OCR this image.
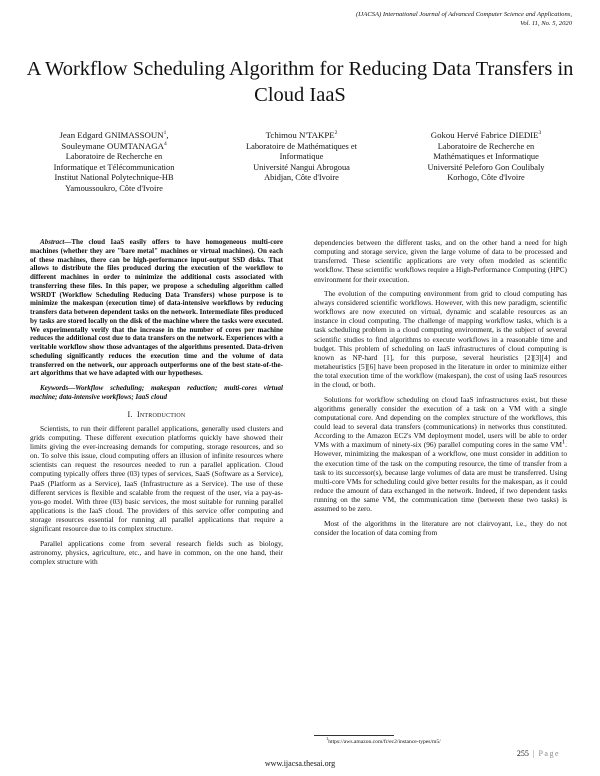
(IJACSA) International Journal of Advanced Computer Science and Applications,
Vol. 11, No. 5, 2020
A Workflow Scheduling Algorithm for Reducing Data Transfers in Cloud IaaS
Jean Edgard GNIMASSOUN$^1$,
Souleymane OUMTANAGA$^4$
Laboratoire de Recherche en
Informatique et Télécommunication
Institut National Polytechnique-HB
Yamoussoukro, Côte d'Ivoire
Tchimou N'TAKPE$^2$
Laboratoire de Mathématiques et
Informatique
Université Nangui Abrogoua
Abidjan, Côte d'Ivoire
Gokou Hervé Fabrice DIEDIE$^3$
Laboratoire de Recherche en
Mathématiques et Informatique
Université Peleforo Gon Coulibaly
Korhogo, Côte d'Ivoire

Abstract—The cloud IaaS easily offers to have homogeneous multi-core machines (whether they are "bare metal" machines or virtual machines). On each of these machines, there can be high-performance input-output SSD disks. That allows to distribute the files produced during the execution of the workflow to different machines in order to minimize the additional costs associated with transferring these files. In this paper, we propose a scheduling algorithm called WSRDT (Workflow Scheduling Reducing Data Transfers) whose purpose is to minimize the makespan (execution time) of data-intensive workflows by reducing transfers data between dependent tasks on the network. Intermediate files produced by tasks are stored locally on the disk of the machine where the tasks were executed. We experimentally verify that the increase in the number of cores per machine reduces the additional cost due to data transfers on the network. Experiences with a veritable workflow show those advantages of the algorithms presented. Data-driven scheduling significantly reduces the execution time and the volume of data transferred on the network, our approach outperforms one of the best state-of-the-art algorithms that we have adapted with our hypotheses.

Keywords—Workflow scheduling; makespan reduction; multi-cores virtual machine; data-intensive workflows; IaaS cloud

I. Introduction

Scientists, to run their different parallel applications, generally used clusters and grids computing. These different execution platforms quickly have showed their limits giving the ever-increasing demands for computing, storage resources, and so on. To solve this issue, cloud computing offers an illusion of infinite resources where scientists can request the resources needed to run a parallel application. Cloud computing typically offers three (03) types of services, SaaS (Software as a Service), PaaS (Platform as a Service), IaaS (Infrastructure as a Service). The use of these different services is flexible and scalable from the request of the user, via a pay-as-you-go model. With three (03) basic services, the most suitable for running parallel applications is the IaaS cloud. The providers of this service offer computing and storage resources essential for running all parallel applications that require a significant resource due to its complex structure.

Parallel applications come from several research fields such as biology, astronomy, physics, agriculture, etc., and have in common, on the one hand, their complex structure with

dependencies between the different tasks, and on the other hand a need for high computing and storage service, given the large volume of data to be processed and transferred. These scientific applications are very often modeled as scientific workflow. These scientific workflows require a High-Performance Computing (HPC) environment for their execution.

The evolution of the computing environment from grid to cloud computing has always considered scientific workflows. However, with this new paradigm, scientific workflows are now executed on virtual, dynamic and scalable resources as an instance in cloud computing. The challenge of mapping workflow tasks, which is a task scheduling problem in a cloud computing environment, is the subject of several scientific studies to find algorithms to execute workflows in a reasonable time and budget. This problem of scheduling on IaaS infrastructures of cloud computing is known as NP-hard [1], for this purpose, several heuristics [2][3][4] and metaheuristics [5][6] have been proposed in the literature in order to minimize either the total execution time of the workflow (makespan), the cost of using IaaS resources in the cloud, or both.

Solutions for workflow scheduling on cloud IaaS infrastructures exist, but these algorithms generally consider the execution of a task on a VM with a single computational core. And depending on the complex structure of the workflows, this could lead to several data transfers (communications) in networks thus constituted. According to the Amazon EC2's VM deployment model, users will be able to order VMs with a maximum of ninety-six (96) parallel computing cores in the same $VM^1$. However, minimizing the makespan of a workflow, one must consider in addition to the execution time of the task on the computing resource, the time of transfer from a task to its successor(s), because large volumes of data are must be transferred. Using multi-core VMs for scheduling could give better results for the makespan, as it could reduce the amount of data exchanged in the network. Indeed, if two dependent tasks running on the same VM, the communication time (between these two tasks) is assumed to be zero.

Most of the algorithms in the literature are not clairvoyant, i.e., they do not consider the location of data coming from

$^1$https://aws.amazon.com/fr/ec2/instance-types/m5/
255 | Page
www.ijacsa.thesai.org
